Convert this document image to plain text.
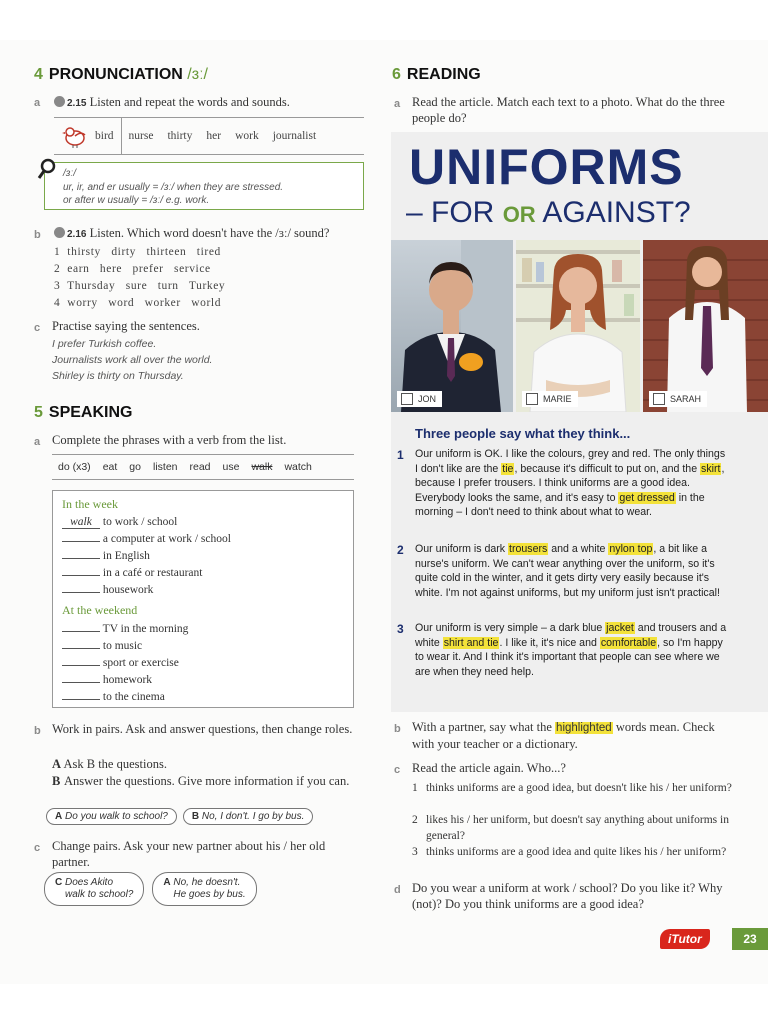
4 PRONUNCIATION /ɜː/
a	2.15 Listen and repeat the words and sounds.
bird	nurse	thirty	her	work	journalist
/ɜː/
ur, ir, and er usually = /ɜː/ when they are stressed.
or after w usually = /ɜː/ e.g. work.
b	2.16 Listen. Which word doesn't have the /ɜː/ sound?
1  thirsty   dirty   thirteen   tired
2  earn   here   prefer   service
3  Thursday   sure   turn   Turkey
4  worry   word   worker   world
c Practise saying the sentences.
I prefer Turkish coffee.
Journalists work all over the world.
Shirley is thirty on Thursday.
5 SPEAKING
a Complete the phrases with a verb from the list.
do (x3) eat go listen read use walk watch
In the week
walk to work / school
a computer at work / school
in English
in a café or restaurant
housework
At the weekend
TV in the morning
to music
sport or exercise
homework
to the cinema
b Work in pairs. Ask and answer questions, then change roles.
A Ask B the questions.
B Answer the questions. Give more information if you can.
A Do you walk to school?	B No, I don't. I go by bus.
c Change pairs. Ask your new partner about his / her old partner.
C Does Akito
walk to school?
A No, he doesn't.
He goes by bus.
6 READING
a Read the article. Match each text to a photo. What do the three people do?
UNIFORMS
– FOR OR AGAINST?
JON	MARIE	SARAH
Three people say what they think...
1 Our uniform is OK. I like the colours, grey and red. The only things I don't like are the tie, because it's difficult to put on, and the skirt, because I prefer trousers. I think uniforms are a good idea. Everybody looks the same, and it's easy to get dressed in the morning – I don't need to think about what to wear.
2 Our uniform is dark trousers and a white nylon top, a bit like a nurse's uniform. We can't wear anything over the uniform, so it's quite cold in the winter, and it gets dirty very easily because it's white. I'm not against uniforms, but my uniform just isn't practical!
3 Our uniform is very simple – a dark blue jacket and trousers and a white shirt and tie. I like it, it's nice and comfortable, so I'm happy to wear it. And I think it's important that people can see where we are when they need help.
b With a partner, say what the highlighted words mean. Check with your teacher or a dictionary.
c Read the article again. Who...?
1 thinks uniforms are a good idea, but doesn't like his / her uniform?
2 likes his / her uniform, but doesn't say anything about uniforms in general?
3 thinks uniforms are a good idea and quite likes his / her uniform?
d Do you wear a uniform at work / school? Do you like it? Why (not)? Do you think uniforms are a good idea?
iTutor	23
